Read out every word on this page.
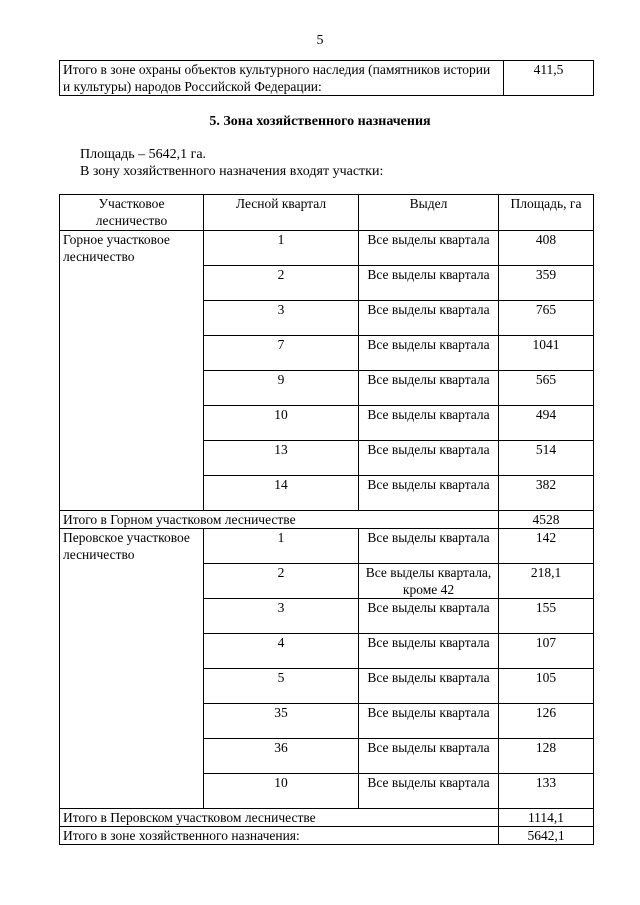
5
Итого в зоне охраны объектов культурного наследия (памятников истории и культуры) народов Российской Федерации:	411,5
5. Зона хозяйственного назначения
Площадь – 5642,1 га.
В зону хозяйственного назначения входят участки:
Участковое лесничество	Лесной квартал	Выдел	Площадь, га
Горное участковое лесничество	1	Все выделы квартала	408
	2	Все выделы квартала	359
	3	Все выделы квартала	765
	7	Все выделы квартала	1041
	9	Все выделы квартала	565
	10	Все выделы квартала	494
	13	Все выделы квартала	514
	14	Все выделы квартала	382
Итого в Горном участковом лесничестве			4528
Перовское участковое лесничество	1	Все выделы квартала	142
	2	Все выделы квартала, кроме 42	218,1
	3	Все выделы квартала	155
	4	Все выделы квартала	107
	5	Все выделы квартала	105
	35	Все выделы квартала	126
	36	Все выделы квартала	128
	10	Все выделы квартала	133
Итого в Перовском участковом лесничестве			1114,1
Итого в зоне хозяйственного назначения:			5642,1
